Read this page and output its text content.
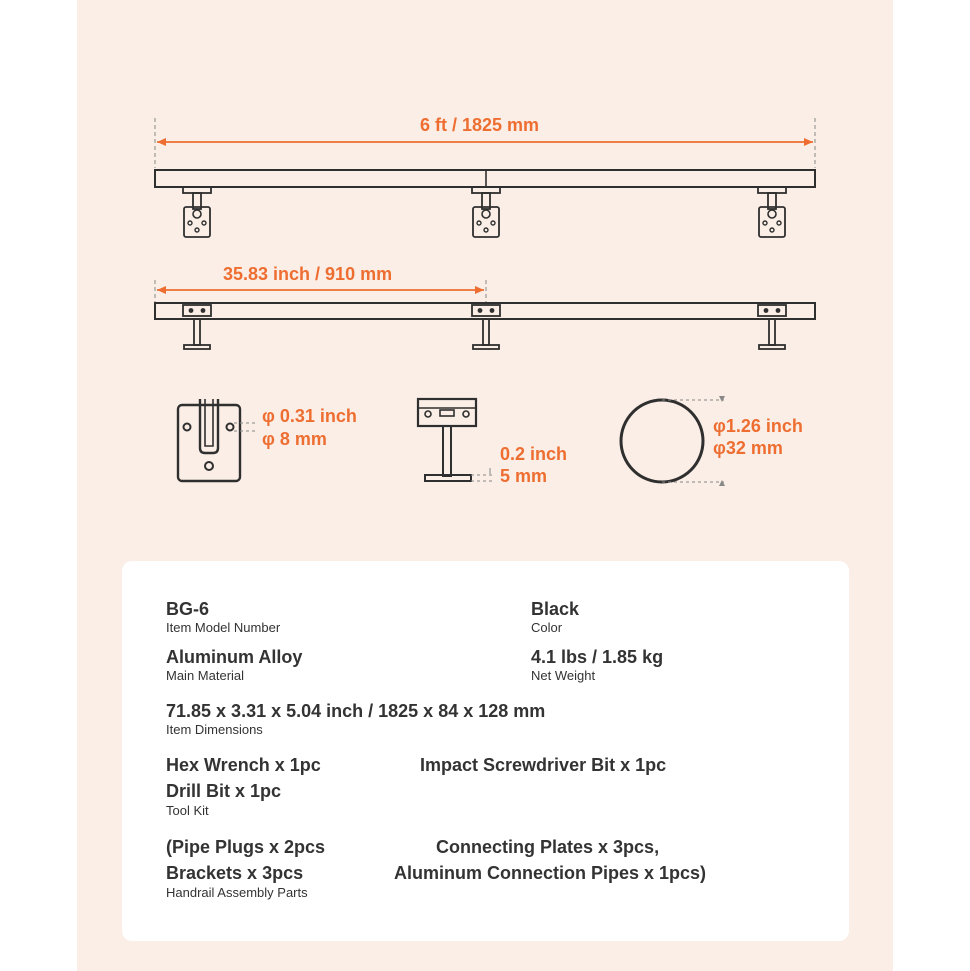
6 ft / 1825 mm
35.83 inch / 910 mm
φ 0.31 inch
φ 8 mm
0.2 inch
5 mm
φ1.26 inch
φ32 mm
BG-6
Item Model Number
Black
Color
Aluminum Alloy
Main Material
4.1 lbs / 1.85 kg
Net Weight
71.85 x 3.31 x 5.04 inch / 1825 x 84 x 128 mm
Item Dimensions
Hex Wrench x 1pc	Impact Screwdriver Bit x 1pc
Drill Bit x 1pc
Tool Kit
(Pipe Plugs x 2pcs	Connecting Plates x 3pcs,
Brackets x 3pcs	Aluminum Connection Pipes x 1pcs)
Handrail Assembly Parts
